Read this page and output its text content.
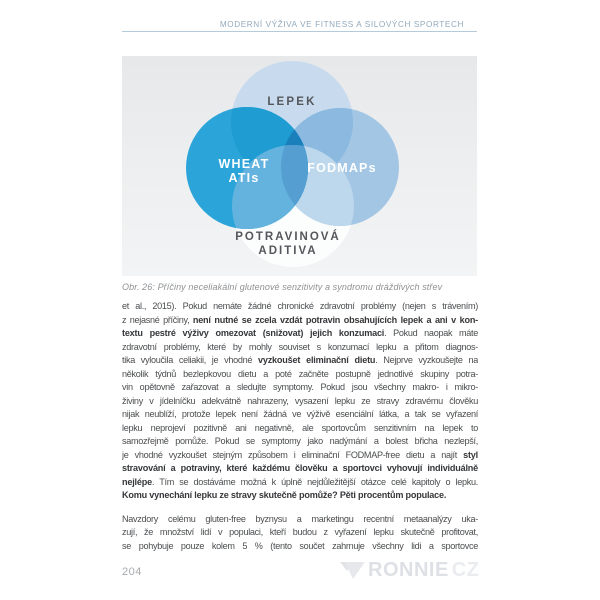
MODERNÍ VÝŽIVA VE FITNESS A SILOVÝCH SPORTECH
LEPEK
WHEAT
ATIs
FODMAPs
POTRAVINOVÁ
ADITIVA
Obr. 26: Příčiny neceliakální glutenové senzitivity a syndromu dráždivých střev
et al., 2015). Pokud nemáte žádné chronické zdravotní problémy (nejen s trávením)
z nejasné příčiny, není nutné se zcela vzdát potravin obsahujících lepek a ani v kon-
textu pestré výživy omezovat (snižovat) jejich konzumaci. Pokud naopak máte
zdravotní problémy, které by mohly souviset s konzumací lepku a přitom diagnos-
tika vyloučila celiakii, je vhodné vyzkoušet eliminační dietu. Nejprve vyzkoušejte na
několik týdnů bezlepkovou dietu a poté začněte postupně jednotlivé skupiny potra-
vin opětovně zařazovat a sledujte symptomy. Pokud jsou všechny makro- i mikro-
živiny v jídelníčku adekvátně nahrazeny, vysazení lepku ze stravy zdravému člověku
nijak neublíží, protože lepek není žádná ve výživě esenciální látka, a tak se vyřazení
lepku neprojeví pozitivně ani negativně, ale sportovcům senzitivním na lepek to
samozřejmě pomůže. Pokud se symptomy jako nadýmání a bolest břicha nezlepší,
je vhodné vyzkoušet stejným způsobem i eliminační FODMAP-free dietu a najít styl
stravování a potraviny, které každému člověku a sportovci vyhovují individuálně
nejlépe. Tím se dostáváme možná k úplně nejdůležitější otázce celé kapitoly o lepku.
Komu vynechání lepku ze stravy skutečně pomůže? Pěti procentům populace.
Navzdory celému gluten-free byznysu a marketingu recentní metaanalýzy uka-
zují, že množství lidí v populaci, kteří budou z vyřazení lepku skutečně profitovat,
se pohybuje pouze kolem 5 % (tento součet zahrnuje všechny lidi a sportovce
204	RONNIE CZ
